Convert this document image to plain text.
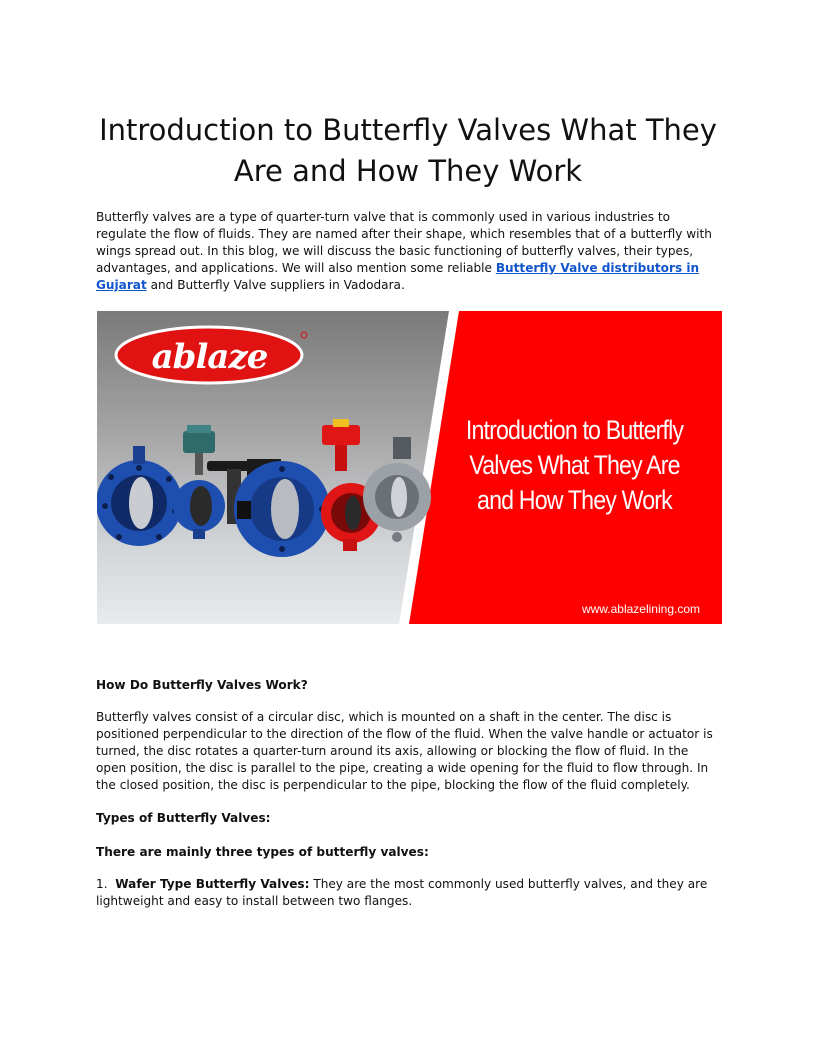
Introduction to Butterfly Valves What They Are and How They Work

Butterfly valves are a type of quarter-turn valve that is commonly used in various industries to regulate the flow of fluids. They are named after their shape, which resembles that of a butterfly with wings spread out. In this blog, we will discuss the basic functioning of butterfly valves, their types, advantages, and applications. We will also mention some reliable Butterfly Valve distributors in Gujarat and Butterfly Valve suppliers in Vadodara.

ablaze

Introduction to Butterfly Valves What They Are and How They Work

www.ablazelining.com

How Do Butterfly Valves Work?

Butterfly valves consist of a circular disc, which is mounted on a shaft in the center. The disc is positioned perpendicular to the direction of the flow of the fluid. When the valve handle or actuator is turned, the disc rotates a quarter-turn around its axis, allowing or blocking the flow of fluid. In the open position, the disc is parallel to the pipe, creating a wide opening for the fluid to flow through. In the closed position, the disc is perpendicular to the pipe, blocking the flow of the fluid completely.

Types of Butterfly Valves:

There are mainly three types of butterfly valves:

1. Wafer Type Butterfly Valves: They are the most commonly used butterfly valves, and they are lightweight and easy to install between two flanges.
